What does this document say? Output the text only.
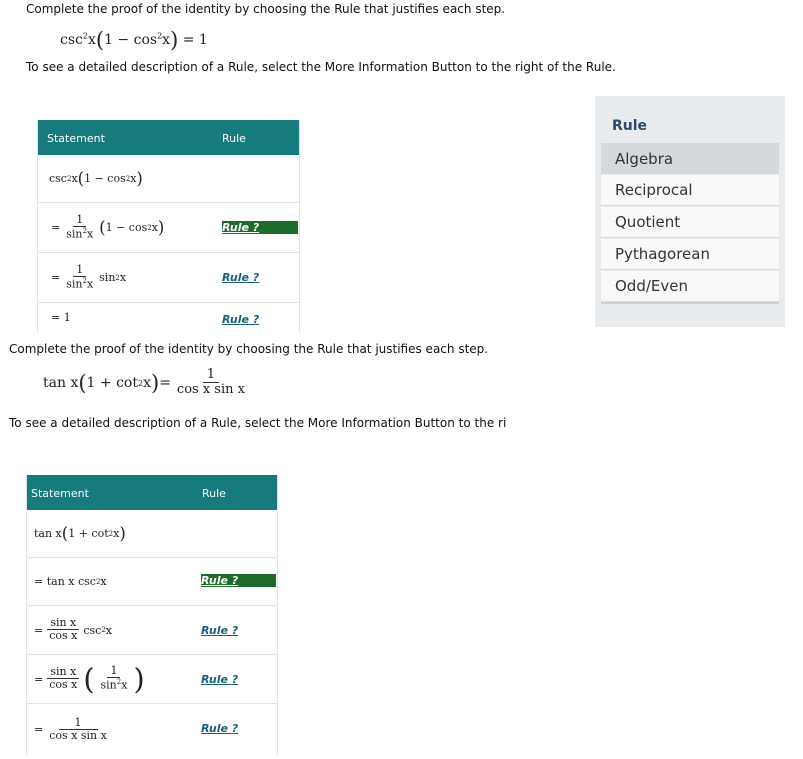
Complete the proof of the identity by choosing the Rule that justifies each step.
$\csc^2x(1 - \cos^2x) = 1$
To see a detailed description of a Rule, select the More Information Button to the right of the Rule.
Statement	Rule
csc 2 x ( 1 − cos 2 x )
= $\frac{1}{\sin^2x}$ ( 1 − cos 2 x )	Rule ?
= $\frac{1}{\sin^2x}$ sin 2 x	Rule ?
= 1	Rule ?
Complete the proof of the identity by choosing the Rule that justifies each step.
tan x ( 1 + cot 2 x ) = $\frac{1}{\text{cos x sin x}}$
To see a detailed description of a Rule, select the More Information Button to the ri
Statement	Rule
tan x ( 1 + cot 2 x )
= tan x csc 2 x	Rule ?
= $\frac{\text{sin x}}{\text{cos x}}$ csc 2 x	Rule ?
= $\frac{\text{sin x}}{\text{cos x}}$ ( $\frac{1}{\sin^2x}$ )	Rule ?
= $\frac{1}{\text{cos x sin x}}$	Rule ?
Rule
Algebra
Reciprocal
Quotient
Pythagorean
Odd/Even
